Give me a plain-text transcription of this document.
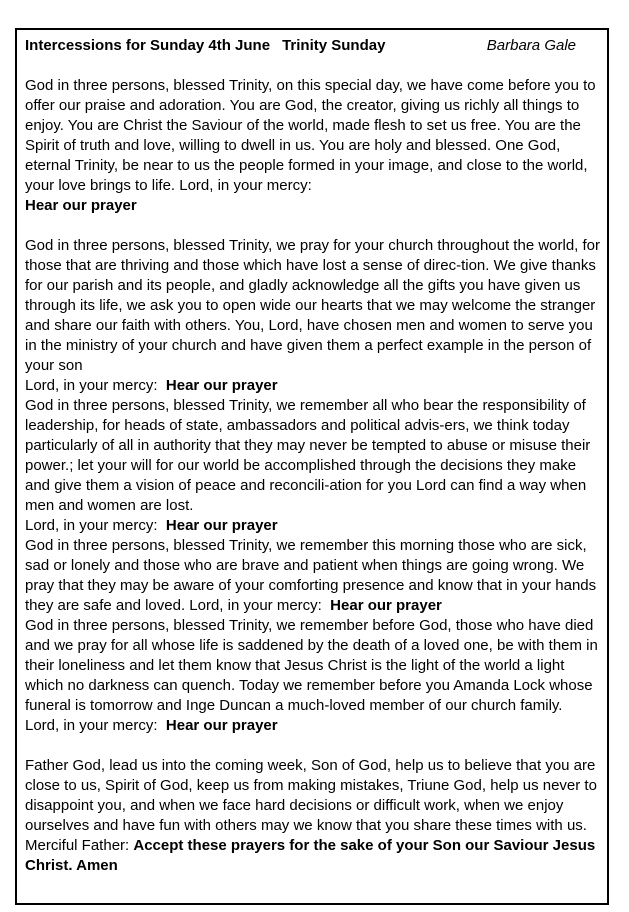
Intercessions for Sunday 4th June Trinity Sunday	Barbara Gale

God in three persons, blessed Trinity, on this special day, we have come before you to offer our praise and adoration. You are God, the creator, giving us richly all things to enjoy. You are Christ the Saviour of the world, made flesh to set us free. You are the Spirit of truth and love, willing to dwell in us. You are holy and blessed. One God, eternal Trinity, be near to us the people formed in your image, and close to the world, your love brings to life. Lord, in your mercy:
Hear our prayer

God in three persons, blessed Trinity, we pray for your church throughout the world, for those that are thriving and those which have lost a sense of direc-tion. We give thanks for our parish and its people, and gladly acknowledge all the gifts you have given us through its life, we ask you to open wide our hearts that we may welcome the stranger and share our faith with others. You, Lord, have chosen men and women to serve you in the ministry of your church and have given them a perfect example in the person of your son
Lord, in your mercy: Hear our prayer

God in three persons, blessed Trinity, we remember all who bear the responsibility of leadership, for heads of state, ambassadors and political advis-ers, we think today particularly of all in authority that they may never be tempted to abuse or misuse their power.; let your will for our world be accomplished through the decisions they make and give them a vision of peace and reconcili-ation for you Lord can find a way when men and women are lost.
Lord, in your mercy: Hear our prayer

God in three persons, blessed Trinity, we remember this morning those who are sick, sad or lonely and those who are brave and patient when things are going wrong. We pray that they may be aware of your comforting presence and know that in your hands they are safe and loved. Lord, in your mercy: Hear our prayer

God in three persons, blessed Trinity, we remember before God, those who have died and we pray for all whose life is saddened by the death of a loved one, be with them in their loneliness and let them know that Jesus Christ is the light of the world a light which no darkness can quench. Today we remember before you Amanda Lock whose funeral is tomorrow and Inge Duncan a much-loved member of our church family. Lord, in your mercy: Hear our prayer

Father God, lead us into the coming week, Son of God, help us to believe that you are close to us, Spirit of God, keep us from making mistakes, Triune God, help us never to disappoint you, and when we face hard decisions or difficult work, when we enjoy ourselves and have fun with others may we know that you share these times with us.
Merciful Father: Accept these prayers for the sake of your Son our Saviour Jesus Christ. Amen
